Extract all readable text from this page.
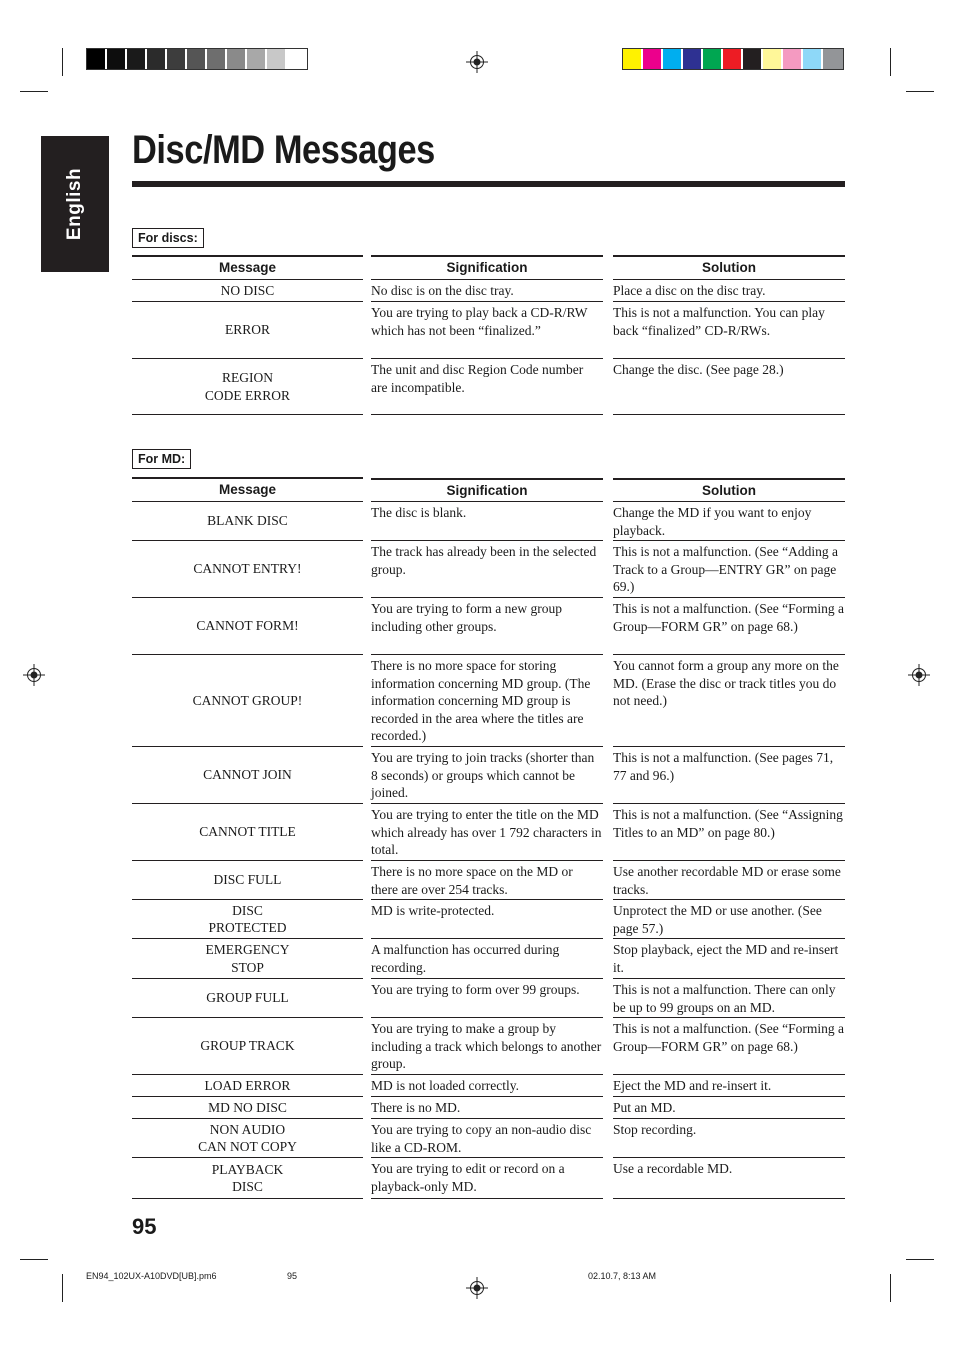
English
Disc/MD Messages
For discs:
Message
NO DISC
ERROR
REGION
CODE ERROR
Signification
No disc is on the disc tray.
You are trying to play back a CD-R/RW which has not been “finalized.”
The unit and disc Region Code number are incompatible.
Solution
Place a disc on the disc tray.
This is not a malfunction. You can play back “finalized” CD-R/RWs.
Change the disc. (See page 28.)
For MD:
Message
BLANK DISC
CANNOT ENTRY!
CANNOT FORM!
CANNOT GROUP!
CANNOT JOIN
CANNOT TITLE
DISC FULL
DISC
PROTECTED
EMERGENCY
STOP
GROUP FULL
GROUP TRACK
LOAD ERROR
MD NO DISC
NON AUDIO
CAN NOT COPY
PLAYBACK
DISC
Signification
The disc is blank.
The track has already been in the selected group.
You are trying to form a new group including other groups.
There is no more space for storing information concerning MD group. (The information concerning MD group is recorded in the area where the titles are recorded.)
You are trying to join tracks (shorter than 8 seconds) or groups which cannot be joined.
You are trying to enter the title on the MD which already has over 1 792 characters in total.
There is no more space on the MD or there are over 254 tracks.
MD is write-protected.
A malfunction has occurred during recording.
You are trying to form over 99 groups.
You are trying to make a group by including a track which belongs to another group.
MD is not loaded correctly.
There is no MD.
You are trying to copy an non-audio disc like a CD-ROM.
You are trying to edit or record on a playback-only MD.
Solution
Change the MD if you want to enjoy playback.
This is not a malfunction. (See “Adding a Track to a Group—ENTRY GR” on page 69.)
This is not a malfunction. (See “Forming a Group—FORM GR” on page 68.)
You cannot form a group any more on the MD. (Erase the disc or track titles you do not need.)
This is not a malfunction. (See pages 71, 77 and 96.)
This is not a malfunction. (See “Assigning Titles to an MD” on page 80.)
Use another recordable MD or erase some tracks.
Unprotect the MD or use another. (See page 57.)
Stop playback, eject the MD and re-insert it.
This is not a malfunction. There can only be up to 99 groups on an MD.
This is not a malfunction. (See “Forming a Group—FORM GR” on page 68.)
Eject the MD and re-insert it.
Put an MD.
Stop recording.
Use a recordable MD.
95
EN94_102UX-A10DVD[UB].pm6	95	02.10.7, 8:13 AM
